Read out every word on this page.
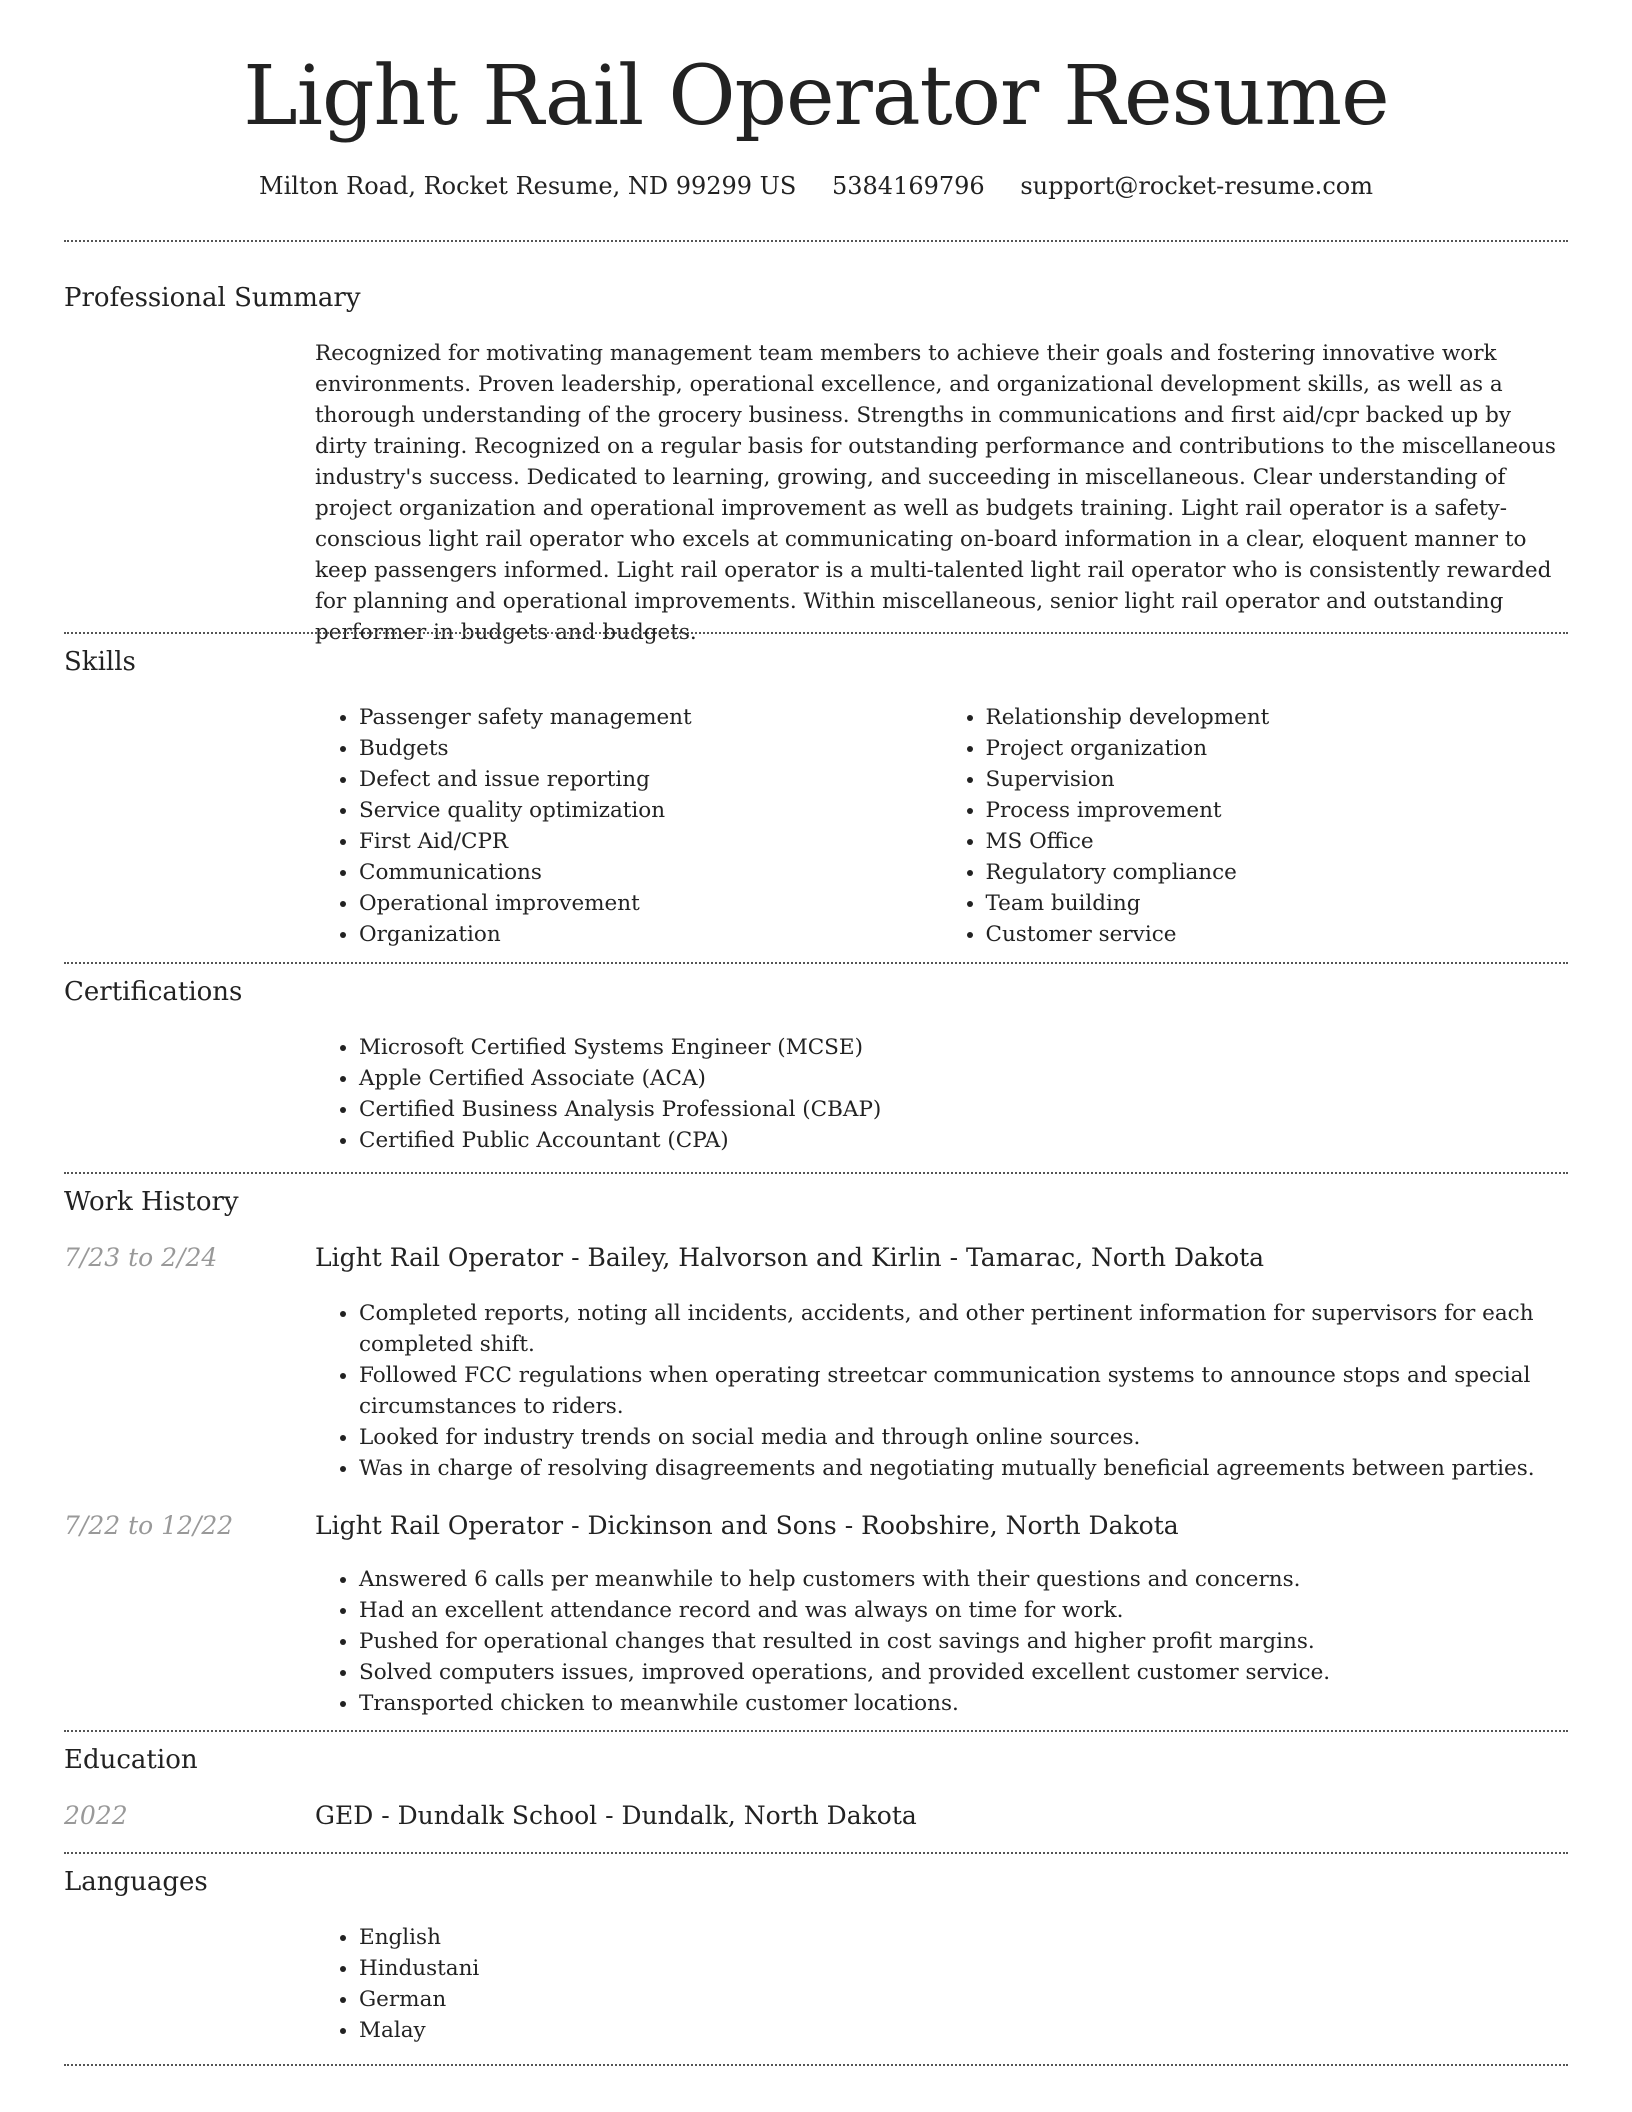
Light Rail Operator Resume
Milton Road, Rocket Resume, ND 99299 US 5384169796 support@rocket-resume.com
Professional Summary

Recognized for motivating management team members to achieve their goals and fostering innovative work environments. Proven leadership, operational excellence, and organizational development skills, as well as a thorough understanding of the grocery business. Strengths in communications and first aid/cpr backed up by dirty training. Recognized on a regular basis for outstanding performance and contributions to the miscellaneous industry's success. Dedicated to learning, growing, and succeeding in miscellaneous. Clear understanding of project organization and operational improvement as well as budgets training. Light rail operator is a safety-conscious light rail operator who excels at communicating on-board information in a clear, eloquent manner to keep passengers informed. Light rail operator is a multi-talented light rail operator who is consistently rewarded for planning and operational improvements. Within miscellaneous, senior light rail operator and outstanding performer in budgets and budgets.

Skills
• Passenger safety management
• Budgets
• Defect and issue reporting
• Service quality optimization
• First Aid/CPR
• Communications
• Operational improvement
• Organization
• Relationship development
• Project organization
• Supervision
• Process improvement
• MS Office
• Regulatory compliance
• Team building
• Customer service
Certifications
• Microsoft Certified Systems Engineer (MCSE)
• Apple Certified Associate (ACA)
• Certified Business Analysis Professional (CBAP)
• Certified Public Accountant (CPA)
Work History
7/23 to 2/24	Light Rail Operator - Bailey, Halvorson and Kirlin - Tamarac, North Dakota
• Completed reports, noting all incidents, accidents, and other pertinent information for supervisors for each completed shift.
• Followed FCC regulations when operating streetcar communication systems to announce stops and special circumstances to riders.
• Looked for industry trends on social media and through online sources.
• Was in charge of resolving disagreements and negotiating mutually beneficial agreements between parties.
7/22 to 12/22	Light Rail Operator - Dickinson and Sons - Roobshire, North Dakota
• Answered 6 calls per meanwhile to help customers with their questions and concerns.
• Had an excellent attendance record and was always on time for work.
• Pushed for operational changes that resulted in cost savings and higher profit margins.
• Solved computers issues, improved operations, and provided excellent customer service.
• Transported chicken to meanwhile customer locations.
Education
2022	GED - Dundalk School - Dundalk, North Dakota
Languages
• English
• Hindustani
• German
• Malay
